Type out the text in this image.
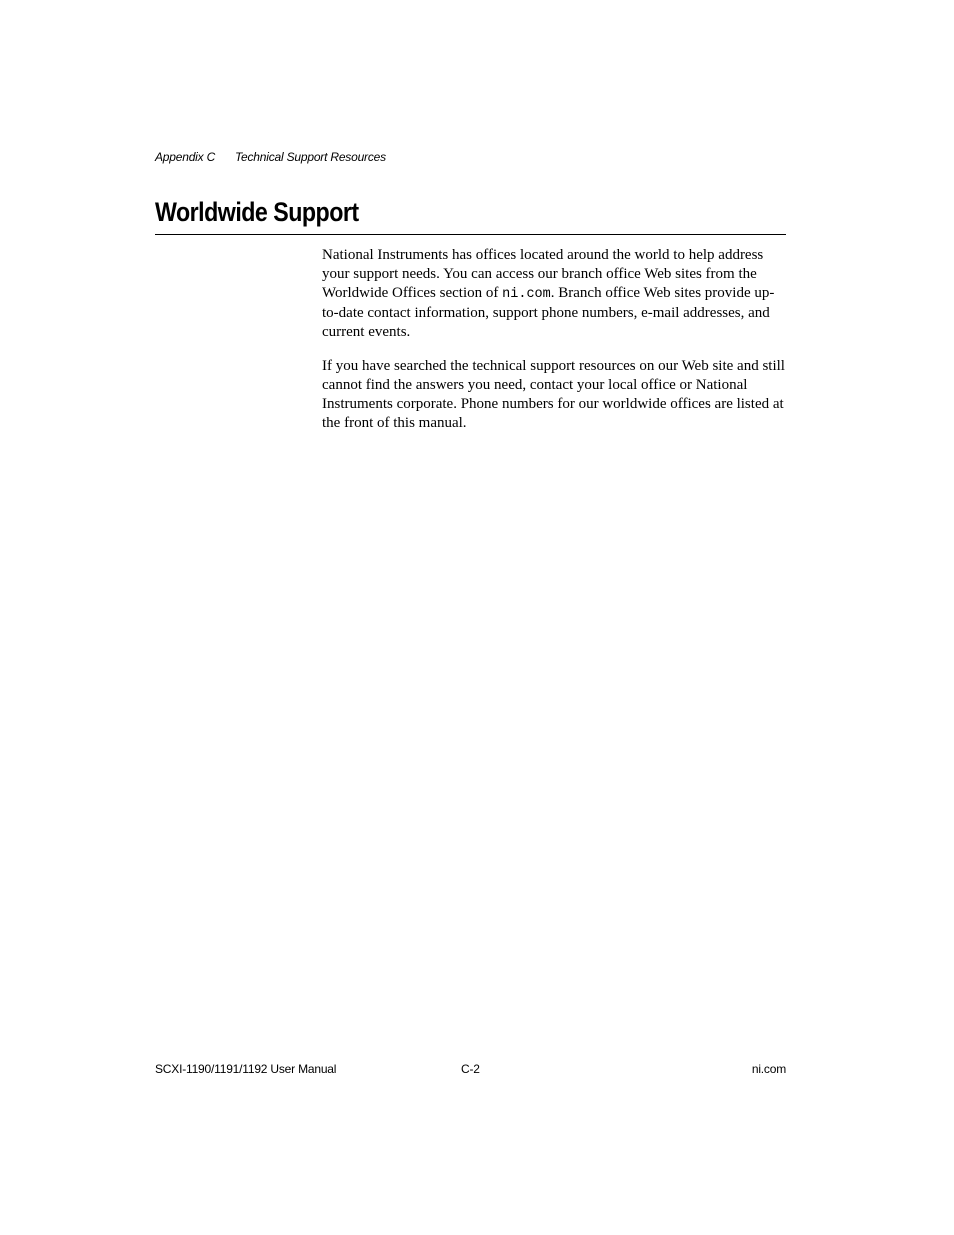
Appendix C Technical Support Resources
Worldwide Support

National Instruments has offices located around the world to help address your support needs. You can access our branch office Web sites from the Worldwide Offices section of ni.com. Branch office Web sites provide up-to-date contact information, support phone numbers, e-mail addresses, and current events.

If you have searched the technical support resources on our Web site and still cannot find the answers you need, contact your local office or National Instruments corporate. Phone numbers for our worldwide offices are listed at the front of this manual.

SCXI-1190/1191/1192 User Manual	C-2	ni.com
